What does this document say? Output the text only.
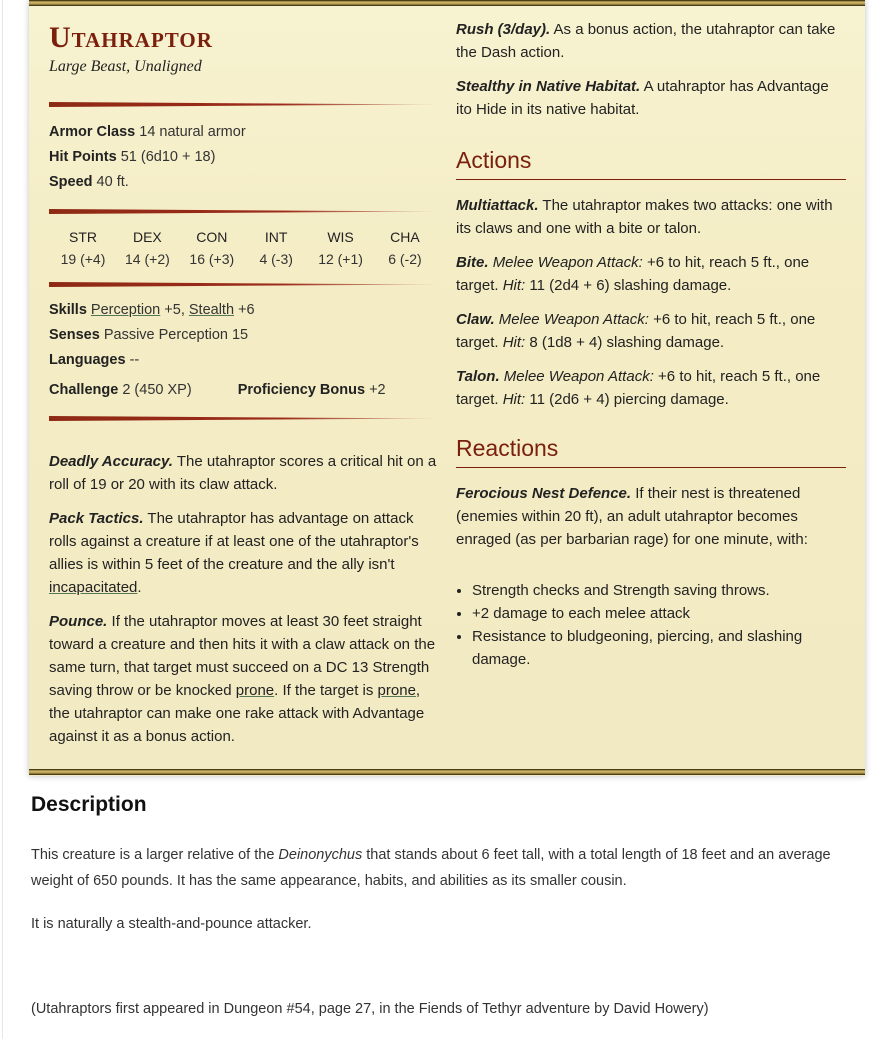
Utahraptor
Large Beast, Unaligned
Armor Class 14 natural armor
Hit Points 51 (6d10 + 18)
Speed 40 ft.
STR
19 (+4)
DEX
14 (+2)
CON
16 (+3)
INT
4 (-3)
WIS
12 (+1)
CHA
6 (-2)
Skills Perception +5, Stealth +6
Senses Passive Perception 15
Languages --
Challenge 2 (450 XP)	Proficiency Bonus +2

Deadly Accuracy. The utahraptor scores a critical hit on a roll of 19 or 20 with its claw attack.

Pack Tactics. The utahraptor has advantage on attack rolls against a creature if at least one of the utahraptor's allies is within 5 feet of the creature and the ally isn't incapacitated.

Pounce. If the utahraptor moves at least 30 feet straight toward a creature and then hits it with a claw attack on the same turn, that target must succeed on a DC 13 Strength saving throw or be knocked prone. If the target is prone, the utahraptor can make one rake attack with Advantage against it as a bonus action.

Rush (3/day). As a bonus action, the utahraptor can take the Dash action.

Stealthy in Native Habitat. A utahraptor has Advantage ito Hide in its native habitat.

Actions

Multiattack. The utahraptor makes two attacks: one with its claws and one with a bite or talon.

Bite. Melee Weapon Attack: +6 to hit, reach 5 ft., one target. Hit: 11 (2d4 + 6) slashing damage.

Claw. Melee Weapon Attack: +6 to hit, reach 5 ft., one target. Hit: 8 (1d8 + 4) slashing damage.

Talon. Melee Weapon Attack: +6 to hit, reach 5 ft., one target. Hit: 11 (2d6 + 4) piercing damage.

Reactions

Ferocious Nest Defence. If their nest is threatened (enemies within 20 ft), an adult utahraptor becomes enraged (as per barbarian rage) for one minute, with:

• Strength checks and Strength saving throws.
• +2 damage to each melee attack
• Resistance to bludgeoning, piercing, and slashing damage.
Description

This creature is a larger relative of the Deinonychus that stands about 6 feet tall, with a total length of 18 feet and an average weight of 650 pounds. It has the same appearance, habits, and abilities as its smaller cousin.

It is naturally a stealth-and-pounce attacker.

(Utahraptors first appeared in Dungeon #54, page 27, in the Fiends of Tethyr adventure by David Howery)
